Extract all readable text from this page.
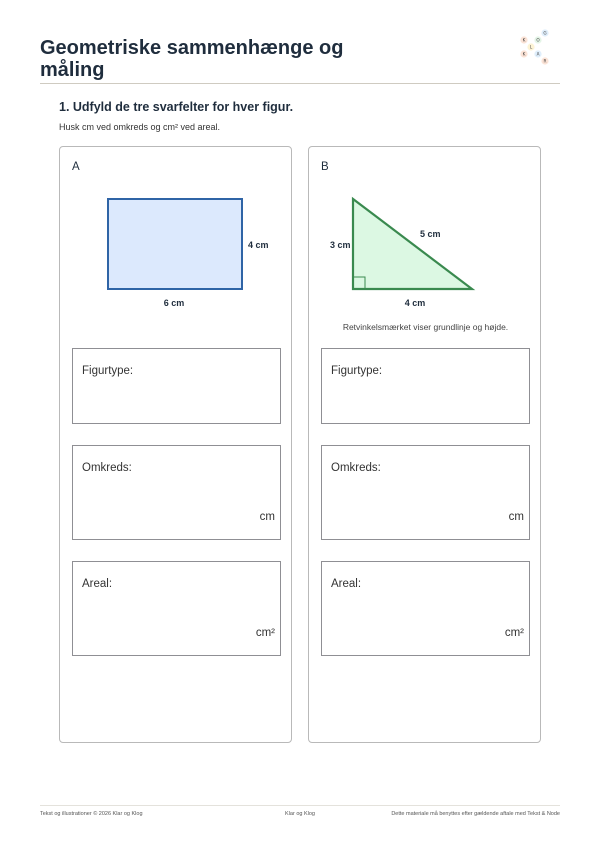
Geometriske sammenhænge og måling
G
K	O
L
K	A
R
1. Udfyld de tre svarfelter for hver figur.
Husk cm ved omkreds og cm² ved areal.
A
4 cm
6 cm
Figurtype:
Omkreds:
cm
Areal:
cm²
B
3 cm
5 cm
4 cm
Retvinkelsmærket viser grundlinje og højde.
Figurtype:
Omkreds:
cm
Areal:
cm²
Tekst og illustrationer © 2026 Klar og Klog	Klar og Klog	Dette materiale må benyttes efter gældende aftale med Tekst & Node
